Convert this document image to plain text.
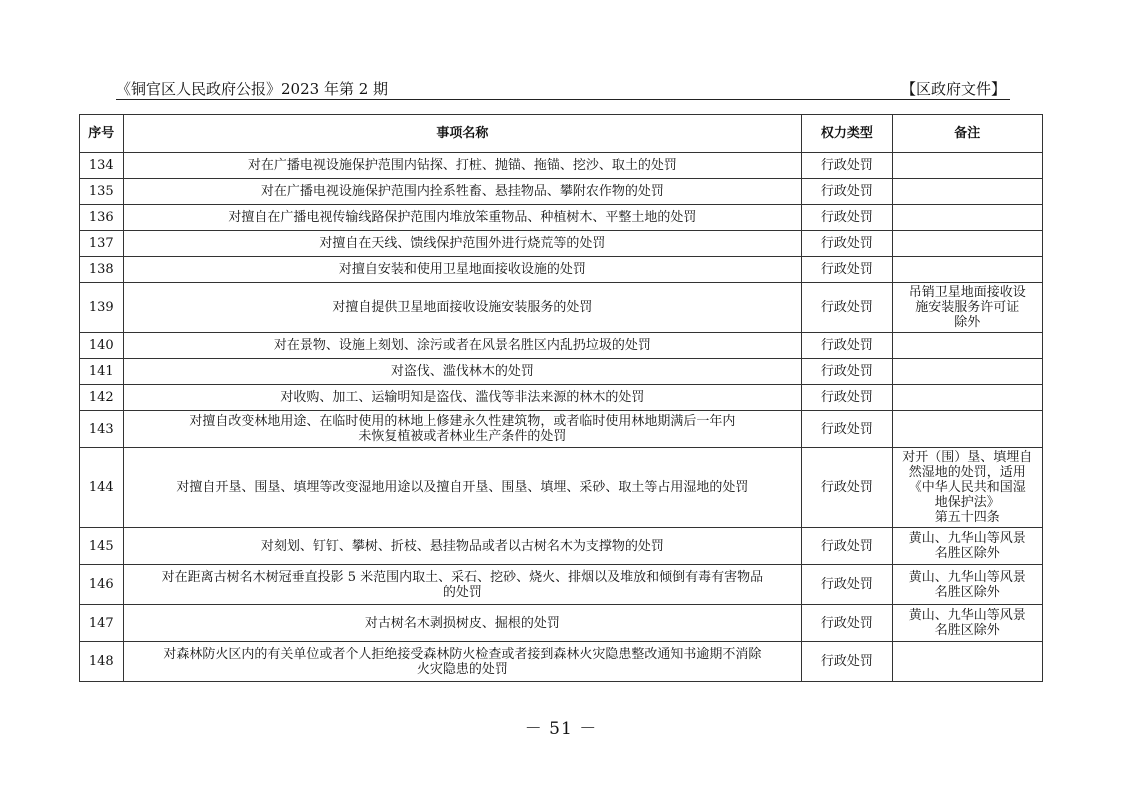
《铜官区人民政府公报》2023 年第 2 期	【区政府文件】
序号	事项名称	权力类型	备注
134	对在广播电视设施保护范围内钻探、打桩、抛锚、拖锚、挖沙、取土的处罚	行政处罚	
135	对在广播电视设施保护范围内拴系牲畜、悬挂物品、攀附农作物的处罚	行政处罚	
136	对擅自在广播电视传输线路保护范围内堆放笨重物品、种植树木、平整土地的处罚	行政处罚	
137	对擅自在天线、馈线保护范围外进行烧荒等的处罚	行政处罚	
138	对擅自安装和使用卫星地面接收设施的处罚	行政处罚	
139	对擅自提供卫星地面接收设施安装服务的处罚	行政处罚	吊销卫星地面接收设
施安装服务许可证
除外
140	对在景物、设施上刻划、涂污或者在风景名胜区内乱扔垃圾的处罚	行政处罚	
141	对盗伐、滥伐林木的处罚	行政处罚	
142	对收购、加工、运输明知是盗伐、滥伐等非法来源的林木的处罚	行政处罚	
143	对擅自改变林地用途、在临时使用的林地上修建永久性建筑物，或者临时使用林地期满后一年内
未恢复植被或者林业生产条件的处罚	行政处罚	
144	对擅自开垦、围垦、填埋等改变湿地用途以及擅自开垦、围垦、填埋、采砂、取土等占用湿地的处罚	行政处罚	对开（围）垦、填埋自
然湿地的处罚，适用
《中华人民共和国湿
地保护法》
第五十四条
145	对刻划、钉钉、攀树、折枝、悬挂物品或者以古树名木为支撑物的处罚	行政处罚	黄山、九华山等风景
名胜区除外
146	对在距离古树名木树冠垂直投影 5 米范围内取土、采石、挖砂、烧火、排烟以及堆放和倾倒有毒有害物品
的处罚	行政处罚	黄山、九华山等风景
名胜区除外
147	对古树名木剥损树皮、掘根的处罚	行政处罚	黄山、九华山等风景
名胜区除外
148	对森林防火区内的有关单位或者个人拒绝接受森林防火检查或者接到森林火灾隐患整改通知书逾期不消除
火灾隐患的处罚	行政处罚	
－ 51 －
